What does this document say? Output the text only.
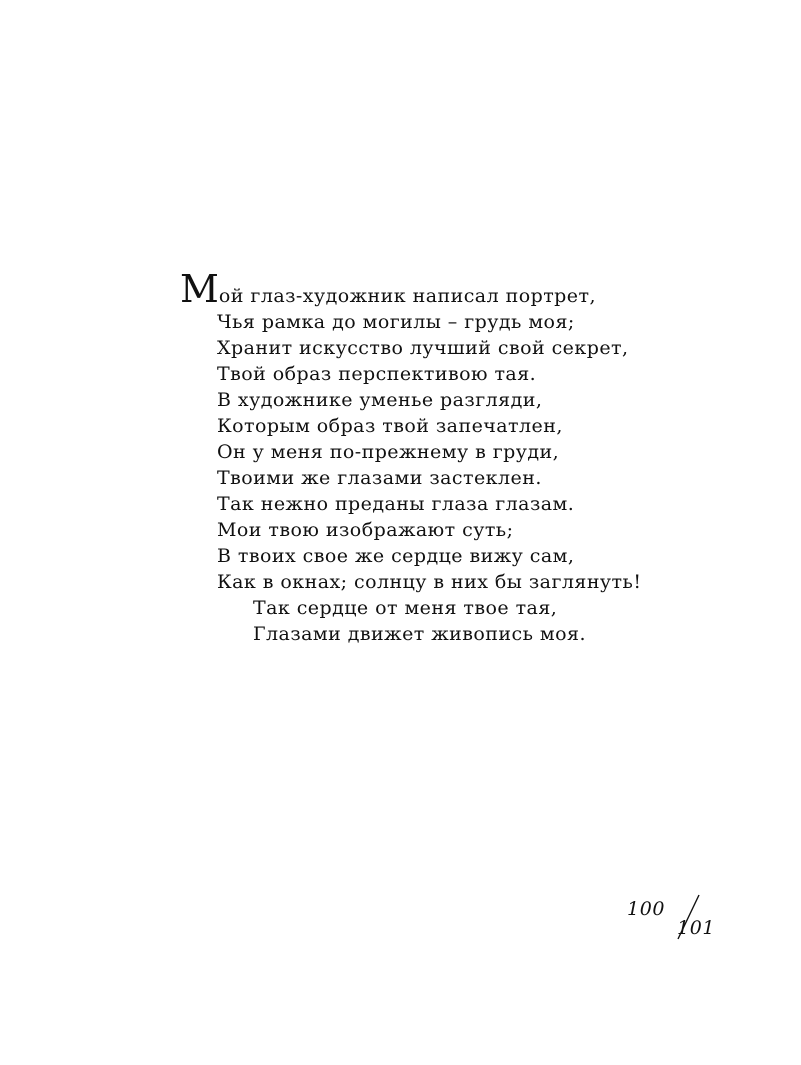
Мой глаз-художник написал портрет,
Чья рамка до могилы – грудь моя;
Хранит искусство лучший свой секрет,
Твой образ перспективою тая.
В художнике уменье разгляди,
Которым образ твой запечатлен,
Он у меня по-прежнему в груди,
Твоими же глазами застеклен.
Так нежно преданы глаза глазам.
Мои твою изображают суть;
В твоих свое же сердце вижу сам,
Как в окнах; солнцу в них бы заглянуть!
Так сердце от меня твое тая,
Глазами движет живопись моя.
100
101
